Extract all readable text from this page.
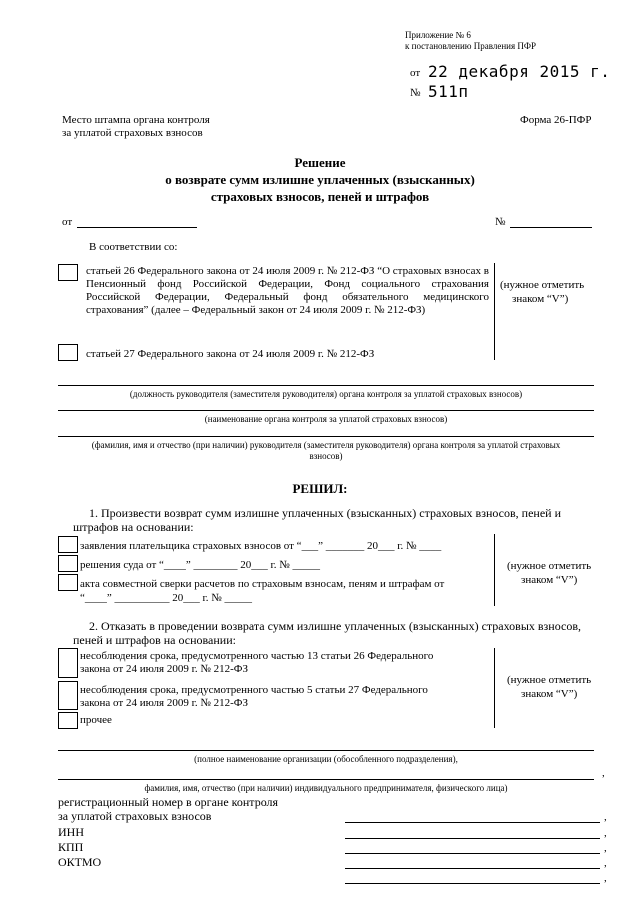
Приложение № 6
к постановлению Правления ПФР
от 22 декабря 2015 г.
№ 511п
Место штампа органа контроля
за уплатой страховых взносов
Форма 26-ПФР
Решение
о возврате сумм излишне уплаченных (взысканных)
страховых взносов, пеней и штрафов
от	№
В соответствии со:
статьей 26 Федерального закона от 24 июля 2009 г. № 212-ФЗ “О страховых взносах в Пенсионный фонд Российской Федерации, Фонд социального страхования Российской Федерации, Федеральный фонд обязательного медицинского страхования” (далее – Федеральный закон от 24 июля 2009 г. № 212-ФЗ)
статьей 27 Федерального закона от 24 июля 2009 г. № 212-ФЗ
(нужное отметить
знаком “V”)
(должность руководителя (заместителя руководителя) органа контроля за уплатой страховых взносов)
(наименование органа контроля за уплатой страховых взносов)
(фамилия, имя и отчество (при наличии) руководителя (заместителя руководителя) органа контроля за уплатой страховых
взносов)
РЕШИЛ:
1. Произвести возврат сумм излишне уплаченных (взысканных) страховых взносов, пеней и
штрафов на основании:
заявления плательщика страховых взносов от “___” _______ 20___ г. № ____
решения суда от “____” ________ 20___ г. № _____
акта совместной сверки расчетов по страховым взносам, пеням и штрафам от
“____” __________ 20___ г. № _____
(нужное отметить
знаком “V”)
2. Отказать в проведении возврата сумм излишне уплаченных (взысканных) страховых взносов,
пеней и штрафов на основании:
несоблюдения срока, предусмотренного частью 13 статьи 26 Федерального
закона от 24 июля 2009 г. № 212-ФЗ
несоблюдения срока, предусмотренного частью 5 статьи 27 Федерального
закона от 24 июля 2009 г. № 212-ФЗ
прочее
(нужное отметить
знаком “V”)
(полное наименование организации (обособленного подразделения),
,
фамилия, имя, отчество (при наличии) индивидуального предпринимателя, физического лица)
регистрационный номер в органе контроля
за уплатой страховых взносов	,
ИНН	,
КПП	,
ОКТМО	,
,
